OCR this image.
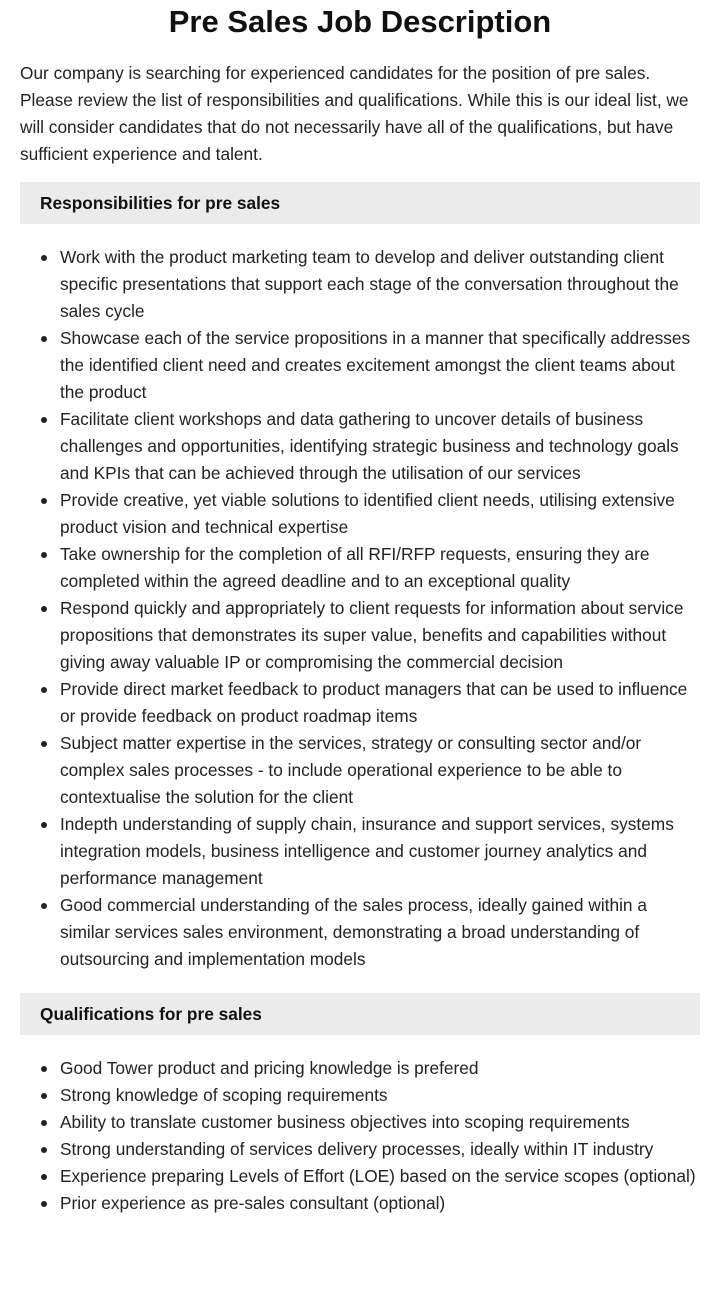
Pre Sales Job Description

Our company is searching for experienced candidates for the position of pre sales. Please review the list of responsibilities and qualifications. While this is our ideal list, we will consider candidates that do not necessarily have all of the qualifications, but have sufficient experience and talent.

Responsibilities for pre sales
Work with the product marketing team to develop and deliver outstanding client specific presentations that support each stage of the conversation throughout the sales cycle
Showcase each of the service propositions in a manner that specifically addresses the identified client need and creates excitement amongst the client teams about the product
Facilitate client workshops and data gathering to uncover details of business challenges and opportunities, identifying strategic business and technology goals and KPIs that can be achieved through the utilisation of our services
Provide creative, yet viable solutions to identified client needs, utilising extensive product vision and technical expertise
Take ownership for the completion of all RFI/RFP requests, ensuring they are completed within the agreed deadline and to an exceptional quality
Respond quickly and appropriately to client requests for information about service propositions that demonstrates its super value, benefits and capabilities without giving away valuable IP or compromising the commercial decision
Provide direct market feedback to product managers that can be used to influence or provide feedback on product roadmap items
Subject matter expertise in the services, strategy or consulting sector and/or complex sales processes - to include operational experience to be able to contextualise the solution for the client
Indepth understanding of supply chain, insurance and support services, systems integration models, business intelligence and customer journey analytics and performance management
Good commercial understanding of the sales process, ideally gained within a similar services sales environment, demonstrating a broad understanding of outsourcing and implementation models
Qualifications for pre sales
Good Tower product and pricing knowledge is prefered
Strong knowledge of scoping requirements
Ability to translate customer business objectives into scoping requirements
Strong understanding of services delivery processes, ideally within IT industry
Experience preparing Levels of Effort (LOE) based on the service scopes (optional)
Prior experience as pre-sales consultant (optional)
